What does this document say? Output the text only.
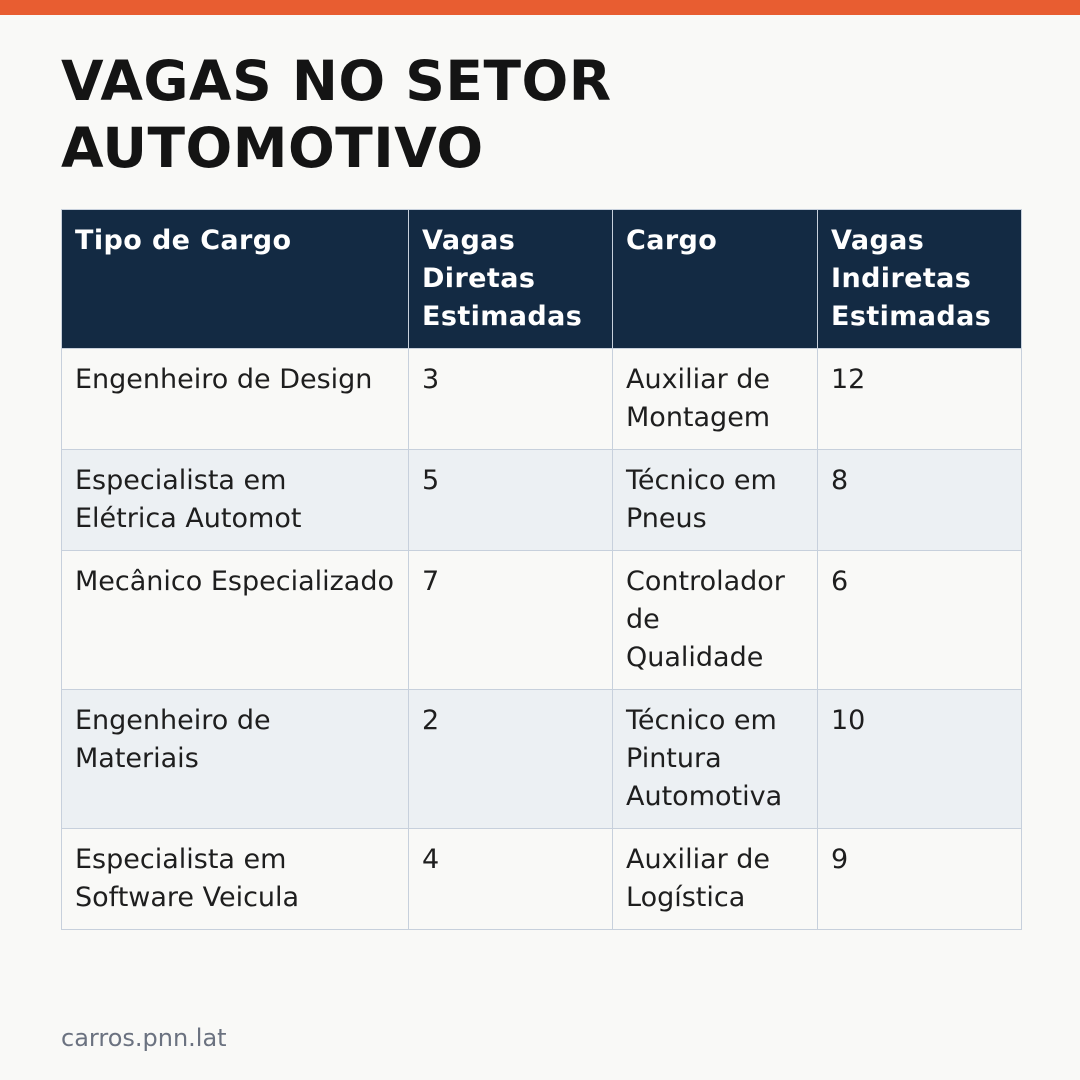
VAGAS NO SETOR AUTOMOTIVO
Tipo de Cargo	Vagas Diretas Estimadas	Cargo	Vagas Indiretas Estimadas
Engenheiro de Design	3	Auxiliar de Montagem	12
Especialista em Elétrica Automot	5	Técnico em Pneus	8
Mecânico Especializado	7	Controlador de Qualidade	6
Engenheiro de Materiais	2	Técnico em Pintura Automotiva	10
Especialista em Software Veicula	4	Auxiliar de Logística	9
carros.pnn.lat
